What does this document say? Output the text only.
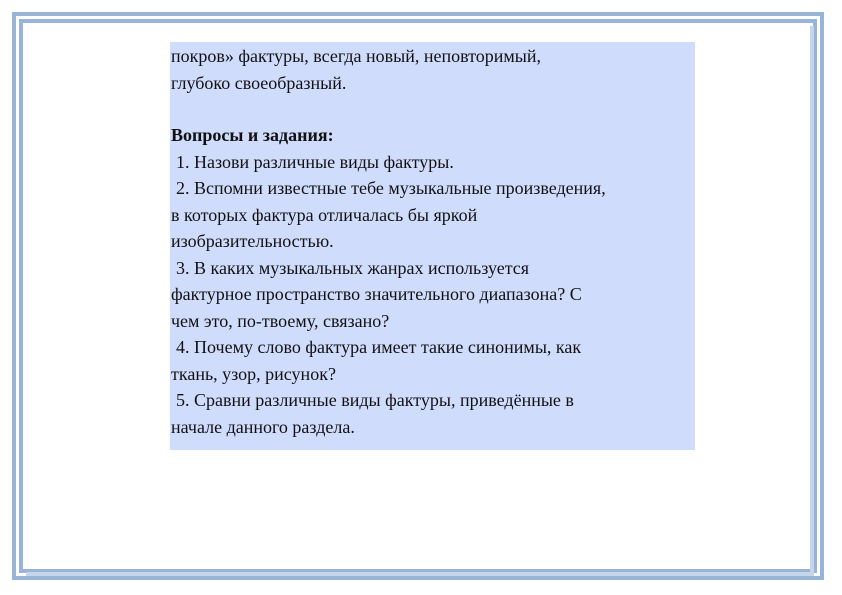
покров» фактуры, всегда новый, неповторимый,

глубоко своеобразный.

Вопросы и задания:

1. Назови различные виды фактуры.

2. Вспомни известные тебе музыкальные произведения,

в которых фактура отличалась бы яркой

изобразительностью.

3. В каких музыкальных жанрах используется

фактурное пространство значительного диапазона? С

чем это, по-твоему, связано?

4. Почему слово фактура имеет такие синонимы, как

ткань, узор, рисунок?

5. Сравни различные виды фактуры, приведённые в

начале данного раздела.
